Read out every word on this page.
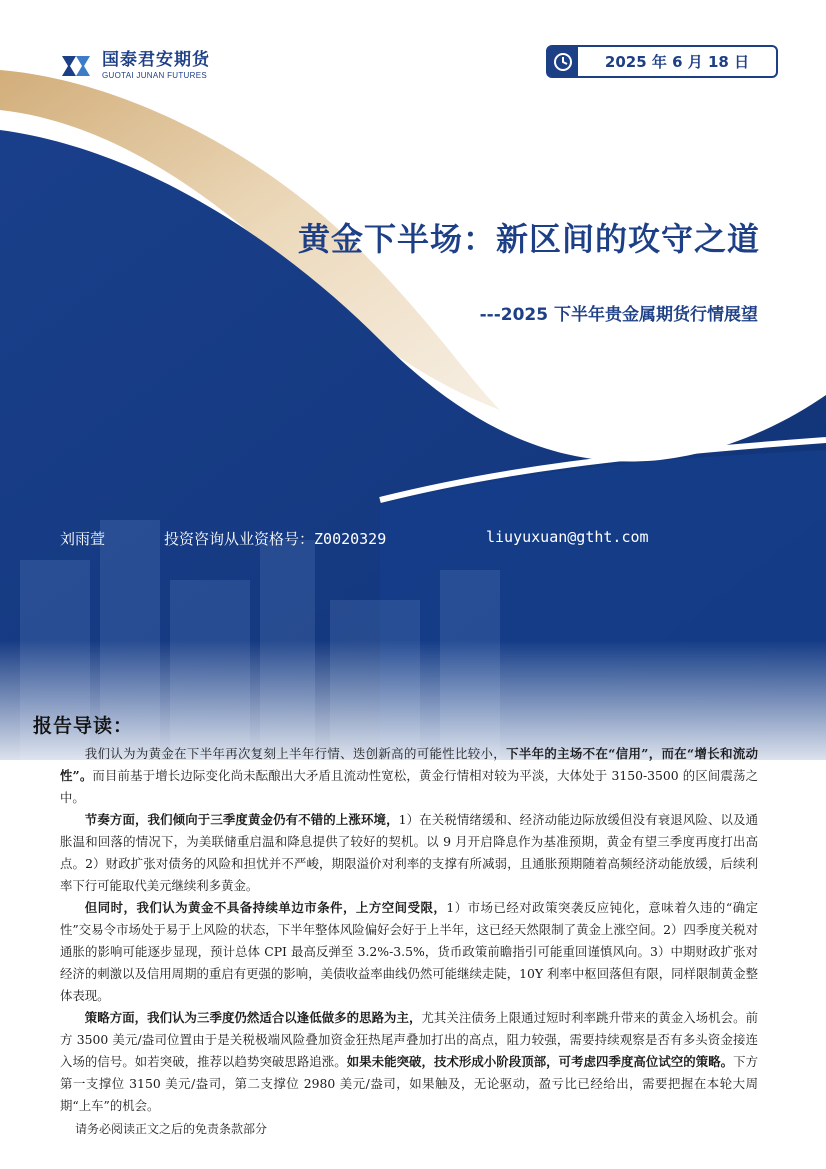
国泰君安期货
GUOTAI JUNAN FUTURES
2025 年 6 月 18 日
黄金下半场：新区间的攻守之道
---2025 下半年贵金属期货行情展望
刘雨萱	投资咨询从业资格号：Z0020329	liuyuxuan@gtht.com
报告导读：

我们认为为黄金在下半年再次复刻上半年行情、迭创新高的可能性比较小，下半年的主场不在“信用”，而在“增长和流动性”。而目前基于增长边际变化尚未酝酿出大矛盾且流动性宽松，黄金行情相对较为平淡，大体处于 3150-3500 的区间震荡之中。

节奏方面，我们倾向于三季度黄金仍有不错的上涨环境，1）在关税情绪缓和、经济动能边际放缓但没有衰退风险、以及通胀温和回落的情况下，为美联储重启温和降息提供了较好的契机。以 9 月开启降息作为基准预期，黄金有望三季度再度打出高点。2）财政扩张对债务的风险和担忧并不严峻，期限溢价对利率的支撑有所减弱，且通胀预期随着高频经济动能放缓，后续利率下行可能取代美元继续利多黄金。

但同时，我们认为黄金不具备持续单边市条件，上方空间受限，1）市场已经对政策突袭反应钝化，意味着久违的“确定性”交易令市场处于易于上风险的状态，下半年整体风险偏好会好于上半年，这已经天然限制了黄金上涨空间。2）四季度关税对通胀的影响可能逐步显现，预计总体 CPI 最高反弹至 3.2%-3.5%，货币政策前瞻指引可能重回谨慎风向。3）中期财政扩张对经济的刺激以及信用周期的重启有更强的影响，美债收益率曲线仍然可能继续走陡，10Y 利率中枢回落但有限，同样限制黄金整体表现。

策略方面，我们认为三季度仍然适合以逢低做多的思路为主，尤其关注债务上限通过短时利率跳升带来的黄金入场机会。前方 3500 美元/盎司位置由于是关税极端风险叠加资金狂热尾声叠加打出的高点，阻力较强，需要持续观察是否有多头资金接连入场的信号。如若突破，推荐以趋势突破思路追涨。如果未能突破，技术形成小阶段顶部，可考虑四季度高位试空的策略。下方第一支撑位 3150 美元/盎司，第二支撑位 2980 美元/盎司，如果触及，无论驱动，盈亏比已经给出，需要把握在本轮大周期“上车”的机会。

请务必阅读正文之后的免责条款部分
